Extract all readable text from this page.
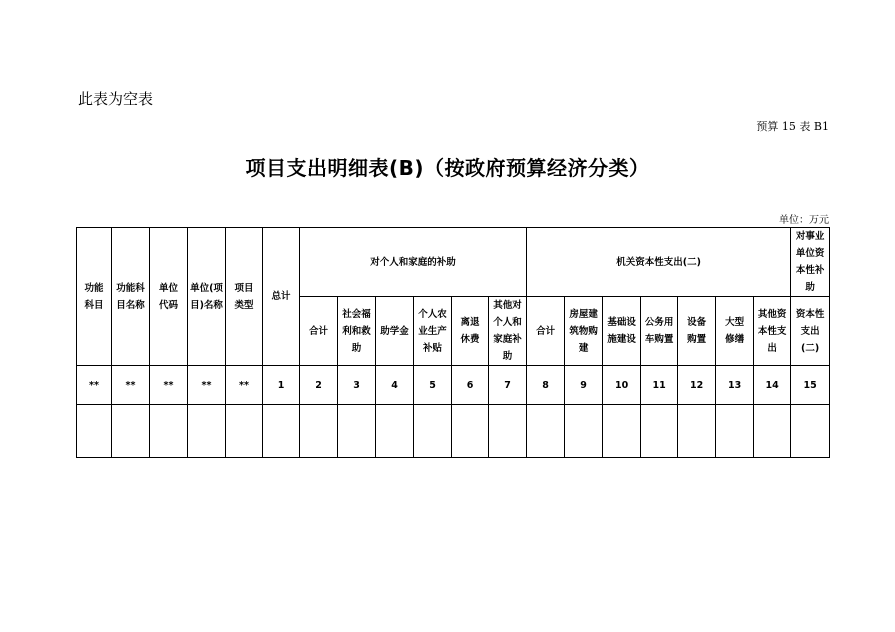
此表为空表
预算 15 表 B1
项目支出明细表(B)（按政府预算经济分类）
单位：万元
功能科目	功能科目名称	单位代码	单位(项目)名称	项目类型	总计	对个人和家庭的补助						机关资本性支出(二)							对事业单位资本性补助
						合计	社会福利和救助	助学金	个人农业生产补贴	离退休费	其他对个人和家庭补助	合计	房屋建筑物购建	基础设施建设	公务用车购置	设备购置	大型修缮	其他资本性支出	资本性支出(二)
**	**	**	**	**	1	2	3	4	5	6	7	8	9	10	11	12	13	14	15
